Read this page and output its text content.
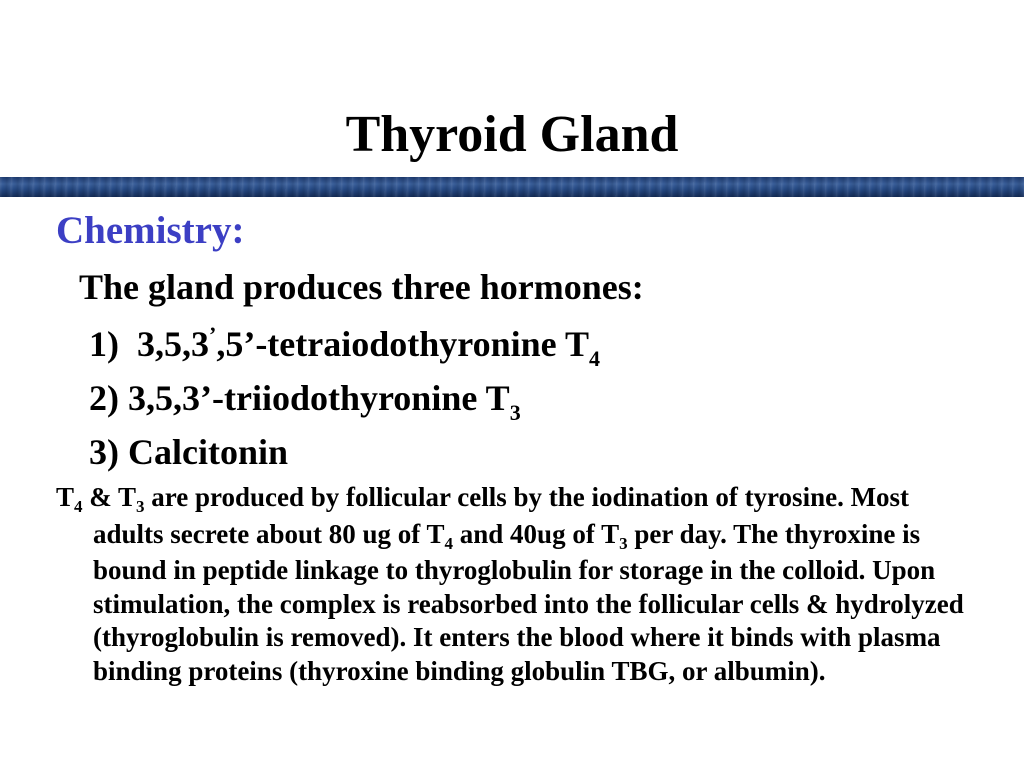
Thyroid Gland
Chemistry:

The gland produces three hormones:

1) 3,5,3’,5’-tetraiodothyronine $T_4$

2) 3,5,3’-triiodothyronine $T_3$

3) Calcitonin

$T_4$ & $T_3$ are produced by follicular cells by the iodination of tyrosine. Most adults secrete about 80 ug of $T_4$ and 40ug of $T_3$ per day. The thyroxine is bound in peptide linkage to thyroglobulin for storage in the colloid. Upon stimulation, the complex is reabsorbed into the follicular cells & hydrolyzed (thyroglobulin is removed). It enters the blood where it binds with plasma binding proteins (thyroxine binding globulin TBG, or albumin).
